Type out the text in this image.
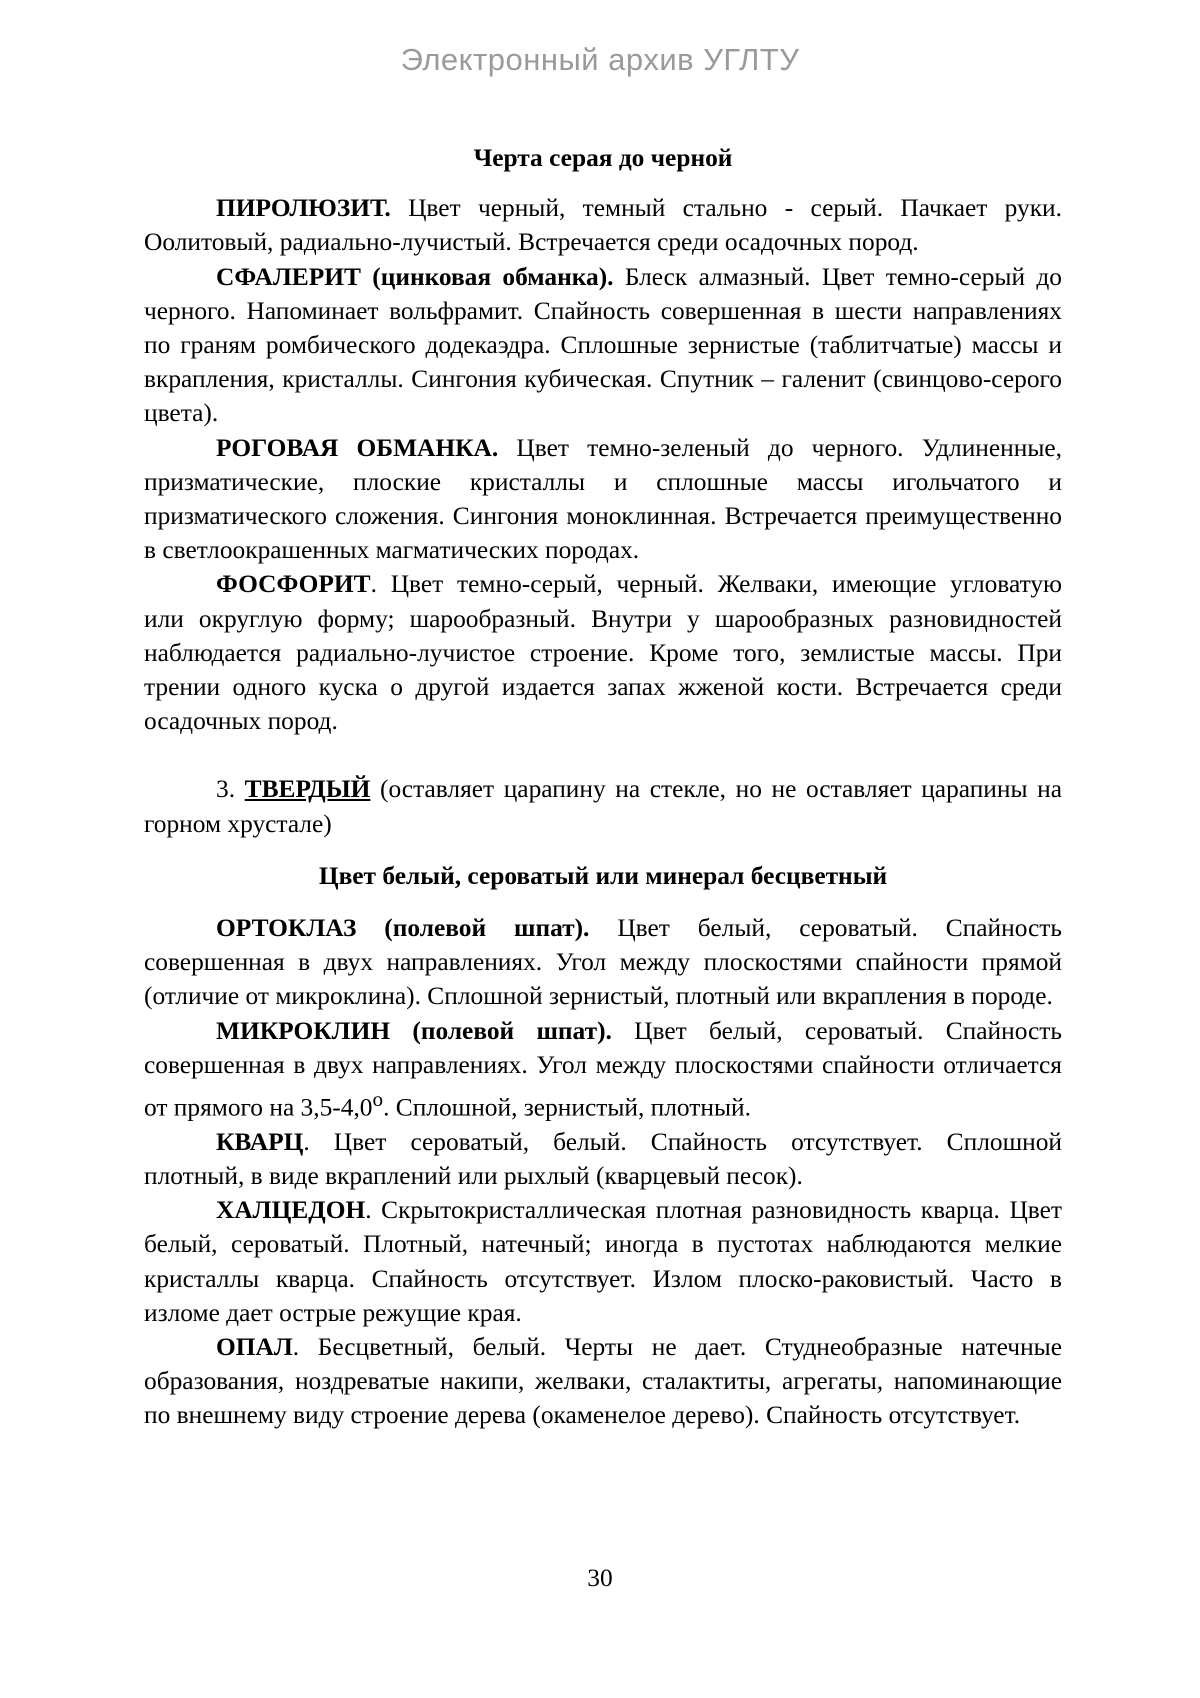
Электронный архив УГЛТУ

Черта серая до черной

ПИРОЛЮЗИТ. Цвет черный, темный стально - серый. Пачкает руки. Оолитовый, радиально-лучистый. Встречается среди осадочных пород.

СФАЛЕРИТ (цинковая обманка). Блеск алмазный. Цвет темно-серый до черного. Напоминает вольфрамит. Спайность совершенная в шести направлениях по граням ромбического додекаэдра. Сплошные зернистые (таблитчатые) массы и вкрапления, кристаллы. Сингония кубическая. Спутник – галенит (свинцово-серого цвета).

РОГОВАЯ ОБМАНКА. Цвет темно-зеленый до черного. Удлиненные, призматические, плоские кристаллы и сплошные массы игольчатого и призматического сложения. Сингония моноклинная. Встречается преимущественно в светлоокрашенных магматических породах.

ФОСФОРИТ. Цвет темно-серый, черный. Желваки, имеющие угловатую или округлую форму; шарообразный. Внутри у шарообразных разновидностей наблюдается радиально-лучистое строение. Кроме того, землистые массы. При трении одного куска о другой издается запах жженой кости. Встречается среди осадочных пород.

3. ТВЕРДЫЙ (оставляет царапину на стекле, но не оставляет царапины на горном хрустале)

Цвет белый, сероватый или минерал бесцветный

ОРТОКЛАЗ (полевой шпат). Цвет белый, сероватый. Спайность совершенная в двух направлениях. Угол между плоскостями спайности прямой (отличие от микроклина). Сплошной зернистый, плотный или вкрапления в породе.

МИКРОКЛИН (полевой шпат). Цвет белый, сероватый. Спайность совершенная в двух направлениях. Угол между плоскостями спайности отличается от прямого на $3,5-4,0^о$. Сплошной, зернистый, плотный.

КВАРЦ. Цвет сероватый, белый. Спайность отсутствует. Сплошной плотный, в виде вкраплений или рыхлый (кварцевый песок).

ХАЛЦЕДОН. Скрытокристаллическая плотная разновидность кварца. Цвет белый, сероватый. Плотный, натечный; иногда в пустотах наблюдаются мелкие кристаллы кварца. Спайность отсутствует. Излом плоско-раковистый. Часто в изломе дает острые режущие края.

ОПАЛ. Бесцветный, белый. Черты не дает. Студнеобразные натечные образования, ноздреватые накипи, желваки, сталактиты, агрегаты, напоминающие по внешнему виду строение дерева (окаменелое дерево). Спайность отсутствует.

30
